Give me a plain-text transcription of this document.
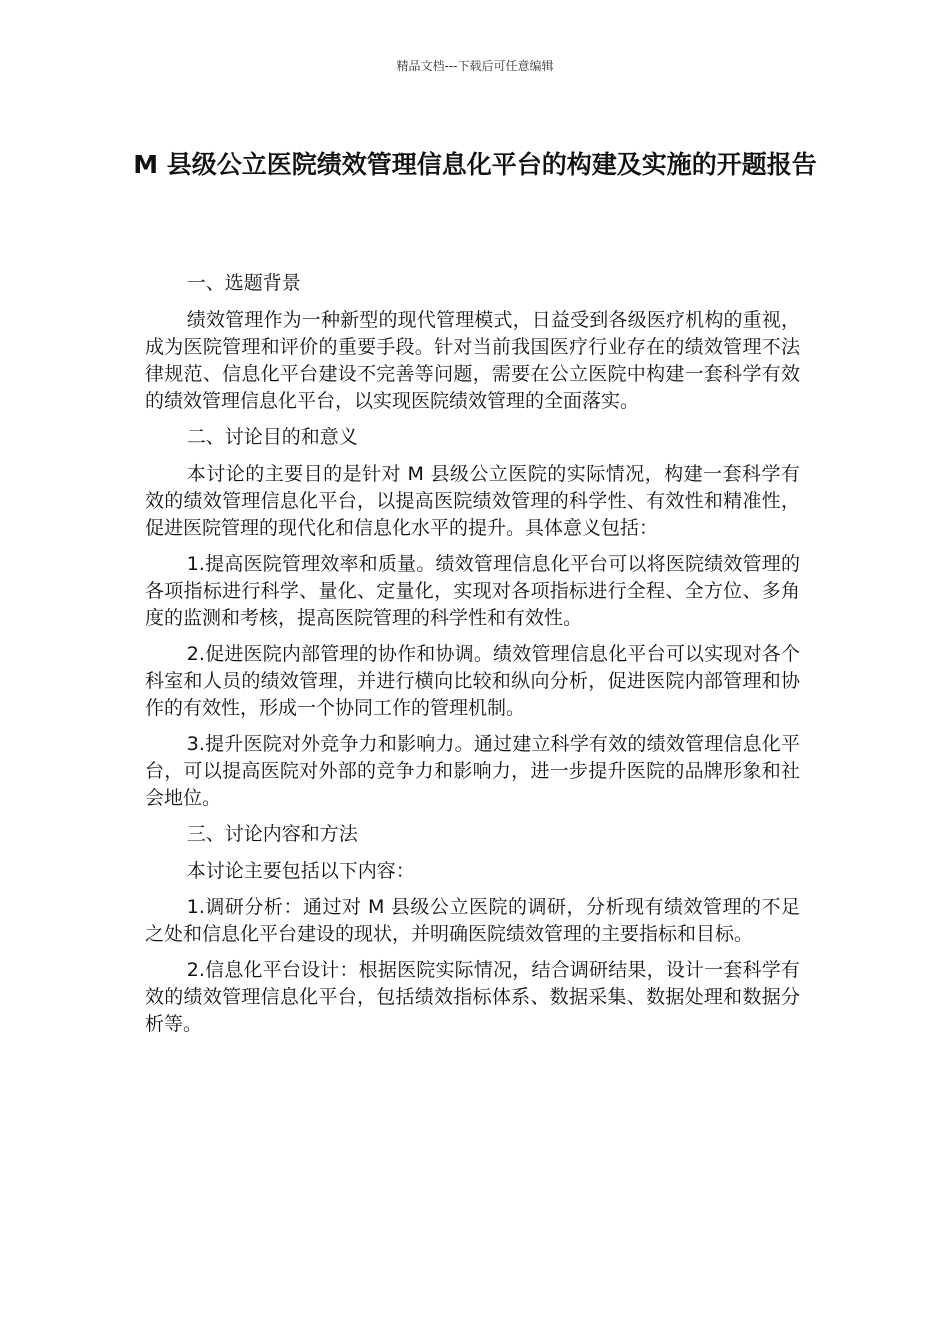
精品文档---下载后可任意编辑
M 县级公立医院绩效管理信息化平台的构建及实施的开题报告
一、选题背景

绩效管理作为一种新型的现代管理模式，日益受到各级医疗机构的重视，成为医院管理和评价的重要手段。针对当前我国医疗行业存在的绩效管理不法律规范、信息化平台建设不完善等问题，需要在公立医院中构建一套科学有效的绩效管理信息化平台，以实现医院绩效管理的全面落实。

二、讨论目的和意义

本讨论的主要目的是针对 M 县级公立医院的实际情况，构建一套科学有效的绩效管理信息化平台，以提高医院绩效管理的科学性、有效性和精准性，促进医院管理的现代化和信息化水平的提升。具体意义包括：

1.提高医院管理效率和质量。绩效管理信息化平台可以将医院绩效管理的各项指标进行科学、量化、定量化，实现对各项指标进行全程、全方位、多角度的监测和考核，提高医院管理的科学性和有效性。

2.促进医院内部管理的协作和协调。绩效管理信息化平台可以实现对各个科室和人员的绩效管理，并进行横向比较和纵向分析，促进医院内部管理和协作的有效性，形成一个协同工作的管理机制。

3.提升医院对外竞争力和影响力。通过建立科学有效的绩效管理信息化平台，可以提高医院对外部的竞争力和影响力，进一步提升医院的品牌形象和社会地位。

三、讨论内容和方法

本讨论主要包括以下内容：

1.调研分析：通过对 M 县级公立医院的调研，分析现有绩效管理的不足之处和信息化平台建设的现状，并明确医院绩效管理的主要指标和目标。

2.信息化平台设计：根据医院实际情况，结合调研结果，设计一套科学有效的绩效管理信息化平台，包括绩效指标体系、数据采集、数据处理和数据分析等。
